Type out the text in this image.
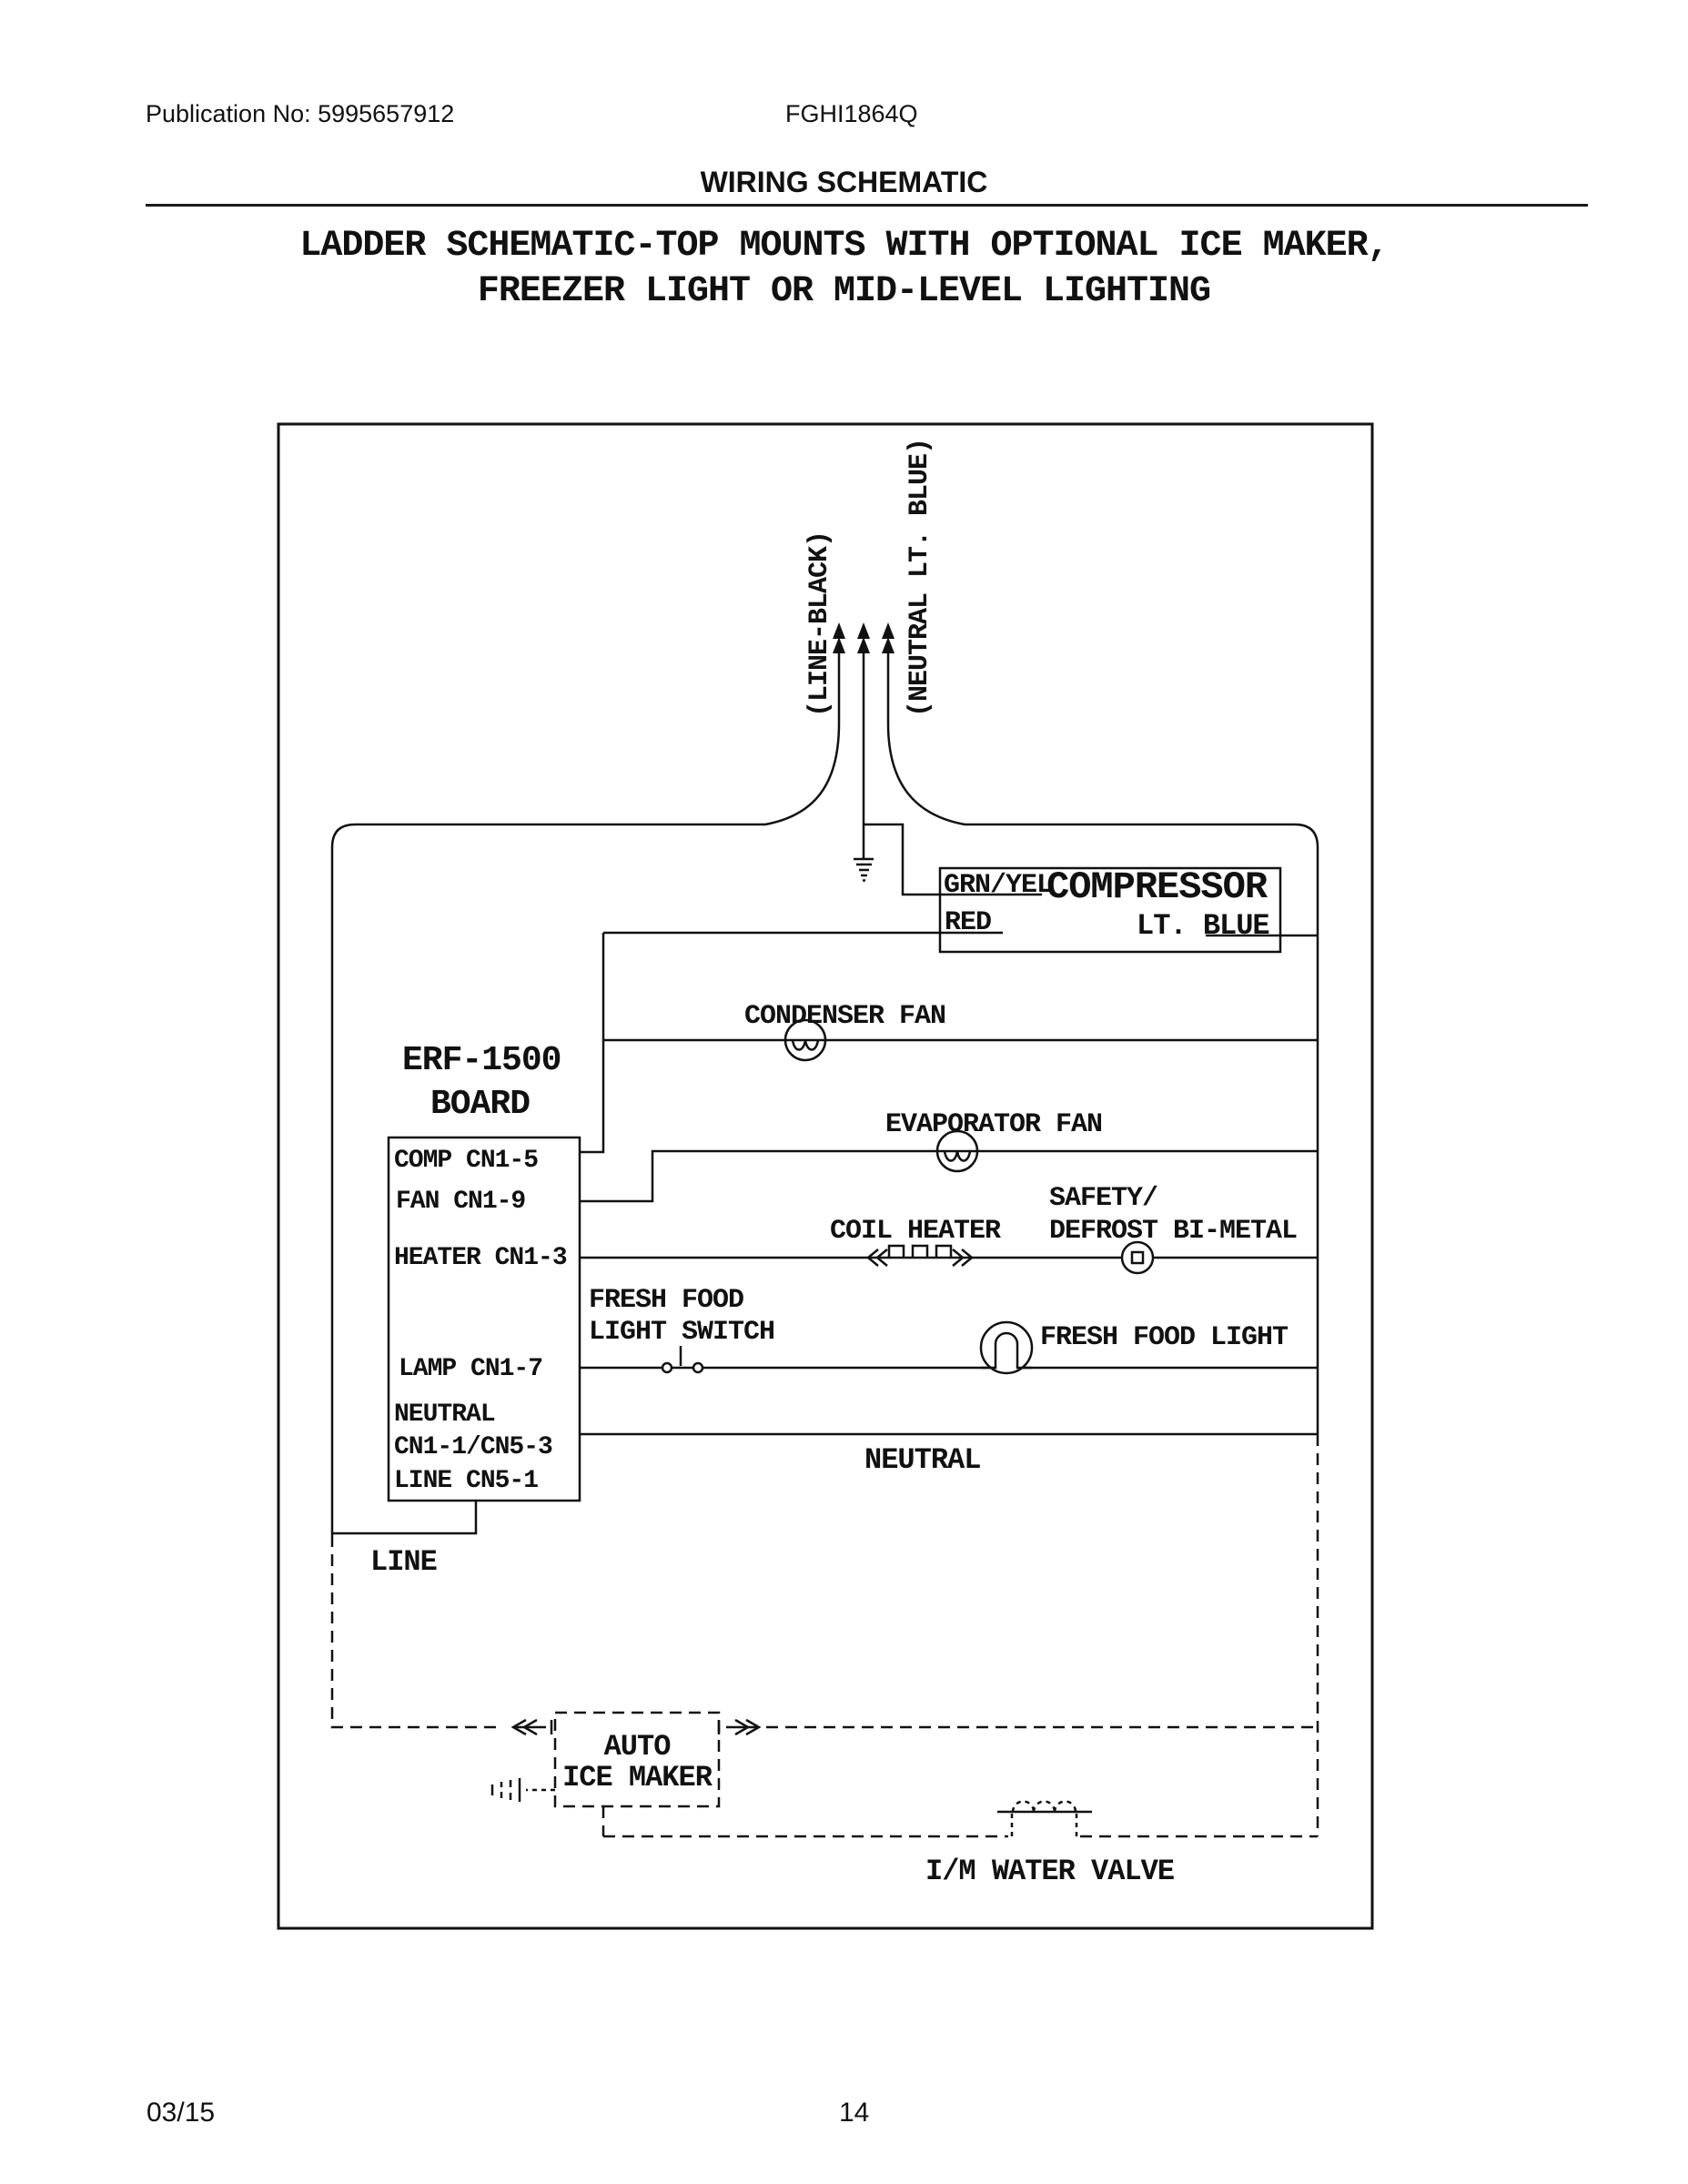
Publication No: 5995657912	FGHI1864Q
WIRING SCHEMATIC
LADDER SCHEMATIC-TOP MOUNTS WITH OPTIONAL ICE MAKER,
FREEZER LIGHT OR MID-LEVEL LIGHTING
(LINE-BLACK)	(NEUTRAL LT. BLUE)
GRN/YEL
COMPRESSOR
RED	LT. BLUE
CONDENSER FAN
EVAPORATOR FAN
COIL HEATER
SAFETY/
DEFROST BI-METAL
FRESH FOOD
LIGHT SWITCH	FRESH FOOD LIGHT
ERF-1500
BOARD
COMP CN1-5
FAN CN1-9
HEATER CN1-3
LAMP CN1-7
NEUTRAL
CN1-1/CN5-3
LINE CN5-1
NEUTRAL
LINE
AUTO
ICE MAKER
I/M WATER VALVE
03/15	14
